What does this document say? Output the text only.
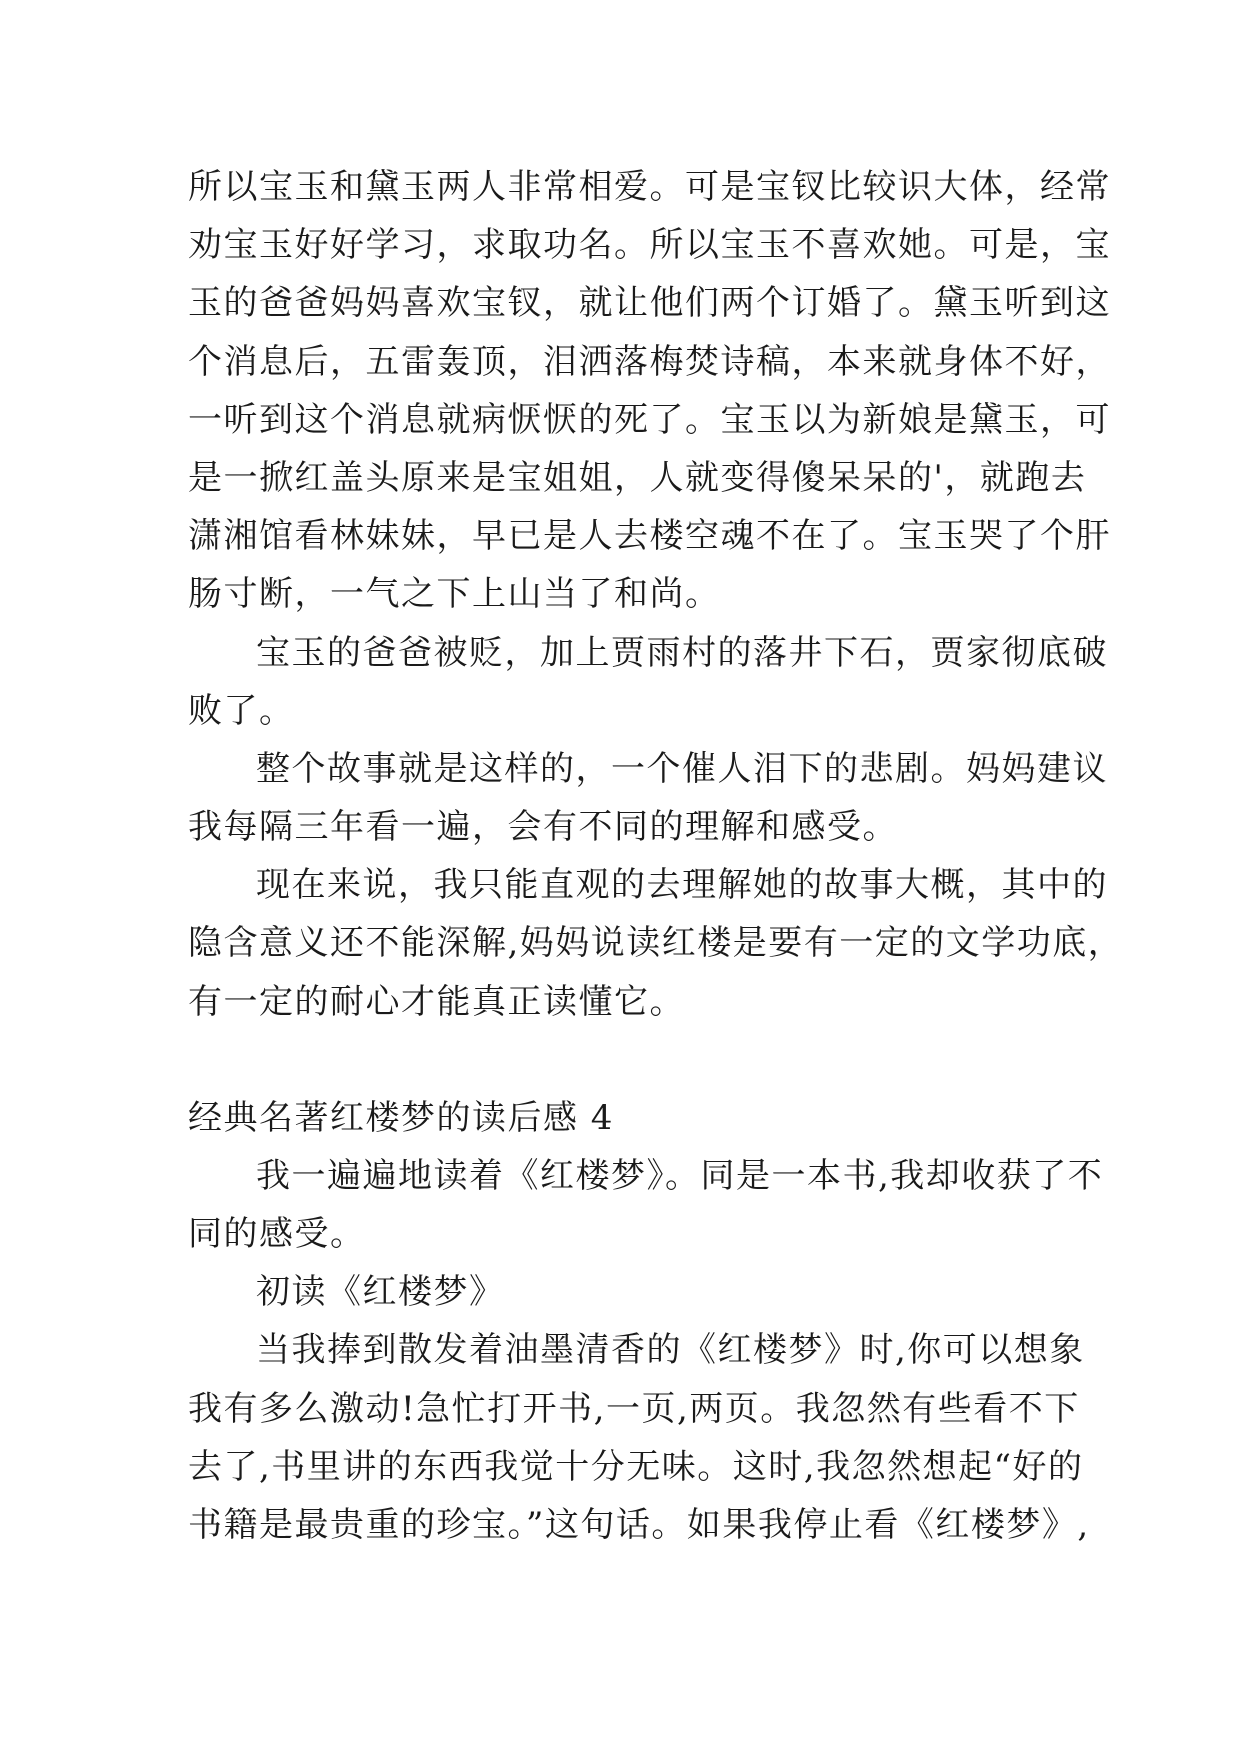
所以宝玉和黛玉两人非常相爱。可是宝钗比较识大体，经常
劝宝玉好好学习，求取功名。所以宝玉不喜欢她。可是，宝
玉的爸爸妈妈喜欢宝钗，就让他们两个订婚了。黛玉听到这
个消息后，五雷轰顶，泪洒落梅焚诗稿，本来就身体不好，
一听到这个消息就病恹恹的死了。宝玉以为新娘是黛玉，可
是一掀红盖头原来是宝姐姐，人就变得傻呆呆的'，就跑去
潇湘馆看林妹妹，早已是人去楼空魂不在了。宝玉哭了个肝
肠寸断，一气之下上山当了和尚。
宝玉的爸爸被贬，加上贾雨村的落井下石，贾家彻底破
败了。
整个故事就是这样的，一个催人泪下的悲剧。妈妈建议
我每隔三年看一遍，会有不同的理解和感受。
现在来说，我只能直观的去理解她的故事大概，其中的
隐含意义还不能深解,妈妈说读红楼是要有一定的文学功底，
有一定的耐心才能真正读懂它。
经典名著红楼梦的读后感 4
我一遍遍地读着《红楼梦》。同是一本书,我却收获了不
同的感受。
初读《红楼梦》
当我捧到散发着油墨清香的《红楼梦》时,你可以想象
我有多么激动!急忙打开书,一页,两页。我忽然有些看不下
去了,书里讲的东西我觉十分无味。这时,我忽然想起“好的
书籍是最贵重的珍宝。”这句话。如果我停止看《红楼梦》,
